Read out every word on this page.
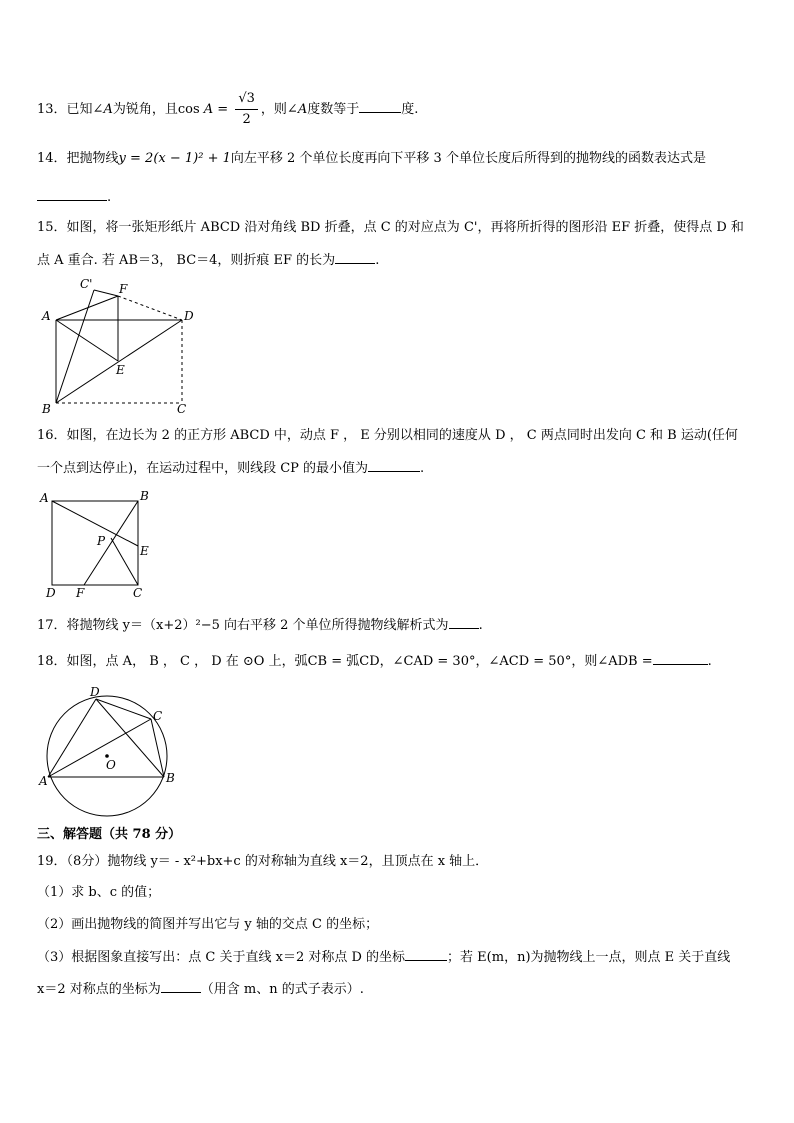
13．已知∠A为锐角，且$\cos A = \frac{√3}{2}$ ，则∠A度数等于	度.
14．把抛物线y = 2(x − 1)² + 1向左平移 2 个单位长度再向下平移 3 个单位长度后所得到的抛物线的函数表达式是
.
15．如图，将一张矩形纸片 ABCD 沿对角线 BD 折叠，点 C 的对应点为 C'，再将所折得的图形沿 EF 折叠，使得点 D 和
点 A 重合. 若 AB＝3， BC＝4，则折痕 EF 的长为	.
C' F
A	D
E
B	C
16．如图，在边长为 2 的正方形 ABCD 中，动点 F ， E 分别以相同的速度从 D ， C 两点同时出发向 C 和 B 运动(任何
一个点到达停止)，在运动过程中，则线段 CP 的最小值为	.
A	B
P
E
D F	C
17．将抛物线 y＝（x+2）²−5 向右平移 2 个单位所得抛物线解析式为 .
18．如图，点 A， B ， C ， D 在 ⊙O 上，弧CB = 弧CD，∠CAD = 30°，∠ACD = 50°，则∠ADB =	.
D
C
O
A	B
三、解答题（共 78 分）
19．（8分）抛物线 y＝ - x²+bx+c 的对称轴为直线 x＝2，且顶点在 x 轴上．
（1）求 b、c 的值；
（2）画出抛物线的简图并写出它与 y 轴的交点 C 的坐标；
（3）根据图象直接写出：点 C 关于直线 x＝2 对称点 D 的坐标	；若 E(m，n)为抛物线上一点，则点 E 关于直线
x＝2 对称点的坐标为	（用含 m、n 的式子表示）.
